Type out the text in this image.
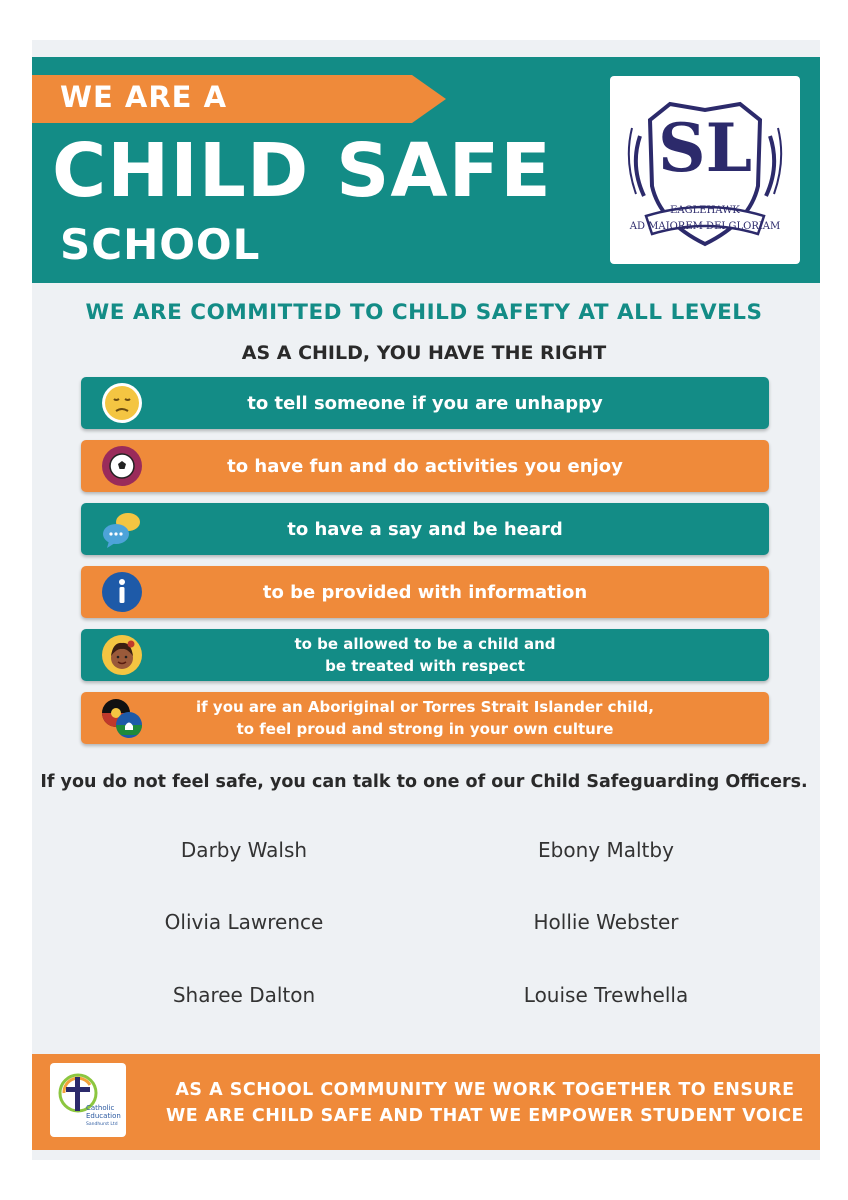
WE ARE A
CHILD SAFE
SCHOOL
SL
EAGLEHAWK
AD MAJOREM DEI GLORIAM
WE ARE COMMITTED TO CHILD SAFETY AT ALL LEVELS
AS A CHILD, YOU HAVE THE RIGHT
to tell someone if you are unhappy
to have fun and do activities you enjoy
to have a say and be heard
to be provided with information
to be allowed to be a child and
be treated with respect
if you are an Aboriginal or Torres Strait Islander child,
to feel proud and strong in your own culture
If you do not feel safe, you can talk to one of our Child Safeguarding Officers.
Darby Walsh	Ebony Maltby
Olivia Lawrence	Hollie Webster
Sharee Dalton	Louise Trewhella
Catholic
Education
Sandhurst Ltd
AS A SCHOOL COMMUNITY WE WORK TOGETHER TO ENSURE
WE ARE CHILD SAFE AND THAT WE EMPOWER STUDENT VOICE
